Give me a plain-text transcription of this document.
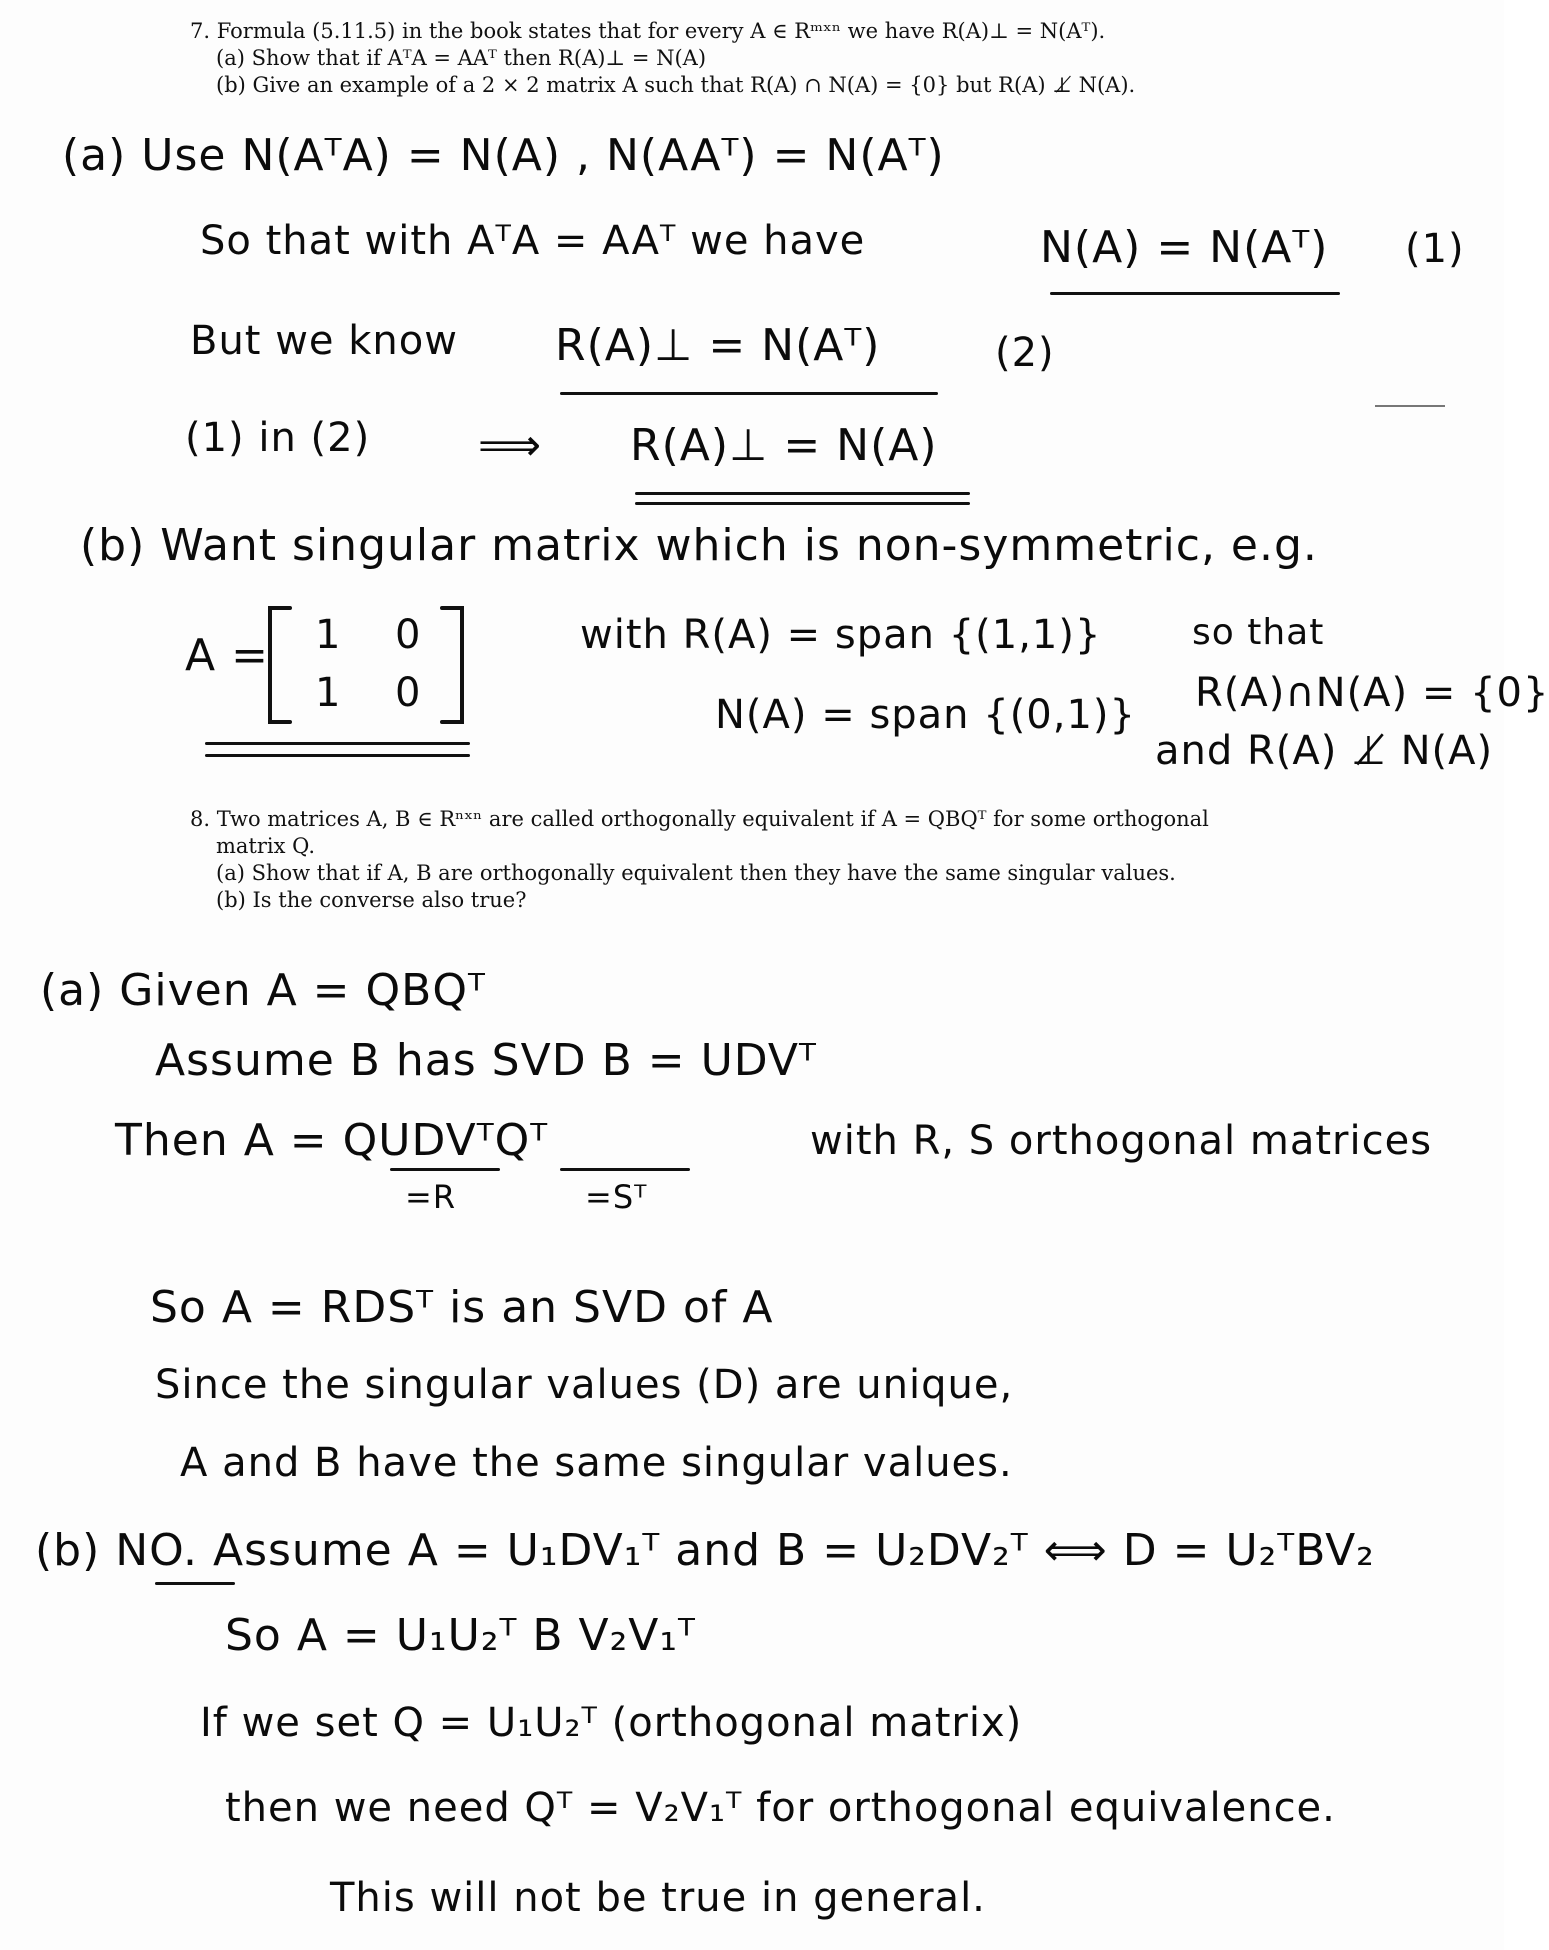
7. Formula (5.11.5) in the book states that for every A ∈ Rᵐˣⁿ we have R(A)⊥ = N(Aᵀ).
(a) Show that if AᵀA = AAᵀ then R(A)⊥ = N(A)
(b) Give an example of a 2 × 2 matrix A such that R(A) ∩ N(A) = {0} but R(A) ⊥̸ N(A).
(a) Use N(AᵀA) = N(A) , N(AAᵀ) = N(Aᵀ)
So that with AᵀA = AAᵀ we have	N(A) = N(Aᵀ) (1)
But we know R(A)⊥ = N(Aᵀ)	(2)
(1) in (2) ⟹ R(A)⊥ = N(A)
(b) Want singular matrix which is non-symmetric, e.g.
A = 1 0
1 0
with R(A) = span {(1,1)}
N(A) = span {(0,1)}
so that
R(A)∩N(A) = {0}
and R(A) ⊥̸ N(A)
8. Two matrices A, B ∈ Rⁿˣⁿ are called orthogonally equivalent if A = QBQᵀ for some orthogonal
matrix Q.
(a) Show that if A, B are orthogonally equivalent then they have the same singular values.
(b) Is the converse also true?
(a) Given A = QBQᵀ
Assume B has SVD B = UDVᵀ
Then A = QUDVᵀQᵀ	with R, S orthogonal matrices
=R	=Sᵀ
So A = RDSᵀ is an SVD of A
Since the singular values (D) are unique,
A and B have the same singular values.
(b) NO. Assume A = U₁DV₁ᵀ and B = U₂DV₂ᵀ ⟺ D = U₂ᵀBV₂
So A = U₁U₂ᵀ B V₂V₁ᵀ
If we set Q = U₁U₂ᵀ (orthogonal matrix)
then we need Qᵀ = V₂V₁ᵀ for orthogonal equivalence.
This will not be true in general.
